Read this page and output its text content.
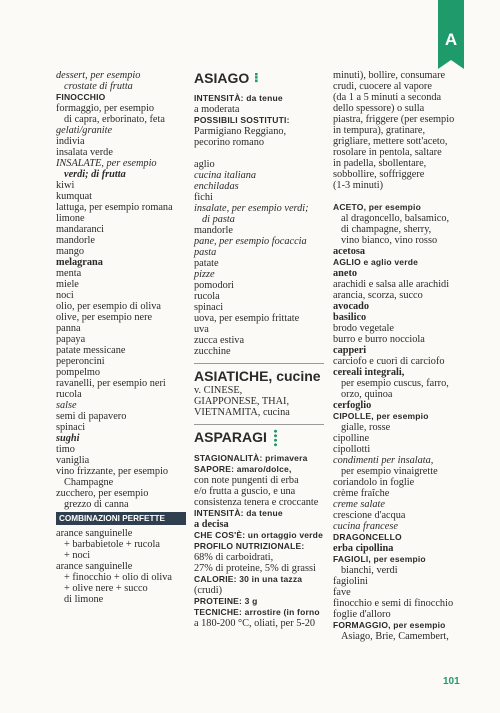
A
dessert, per esempio
crostate di frutta
FINOCCHIO
formaggio, per esempio
di capra, erborinato, feta
gelati/granite
indivia
insalata verde
INSALATE, per esempio
verdi; di frutta
kiwi
kumquat
lattuga, per esempio romana
limone
mandaranci
mandorle
mango
melagrana
menta
miele
noci
olio, per esempio di oliva
olive, per esempio nere
panna
papaya
patate messicane
peperoncini
pompelmo
ravanelli, per esempio neri
rucola
salse
semi di papavero
spinaci
sughi
timo
vaniglia
vino frizzante, per esempio
Champagne
zucchero, per esempio
grezzo di canna
COMBINAZIONI PERFETTE
arance sanguinelle
+ barbabietole + rucola
+ noci
arance sanguinelle
+ finocchio + olio di oliva
+ olive nere + succo
di limone
ASIAGO ⠇
INTENSITÀ: da tenue
a moderata
POSSIBILI SOSTITUTI:
Parmigiano Reggiano,
pecorino romano
aglio
cucina italiana
enchiladas
fichi
insalate, per esempio verdi;
di pasta
mandorle
pane, per esempio focaccia
pasta
patate
pizze
pomodori
rucola
spinaci
uova, per esempio frittate
uva
zucca estiva
zucchine
ASIATICHE, cucine
v. CINESE,
GIAPPONESE, THAI,
VIETNAMITA, cucina
ASPARAGI
STAGIONALITÀ: primavera
SAPORE: amaro/dolce,
con note pungenti di erba
e/o frutta a guscio, e una
consistenza tenera e croccante
INTENSITÀ: da tenue
a decisa
CHE COS'È: un ortaggio verde
PROFILO NUTRIZIONALE:
68% di carboidrati,
27% di proteine, 5% di grassi
CALORIE: 30 in una tazza
(crudi)
PROTEINE: 3 g
TECNICHE: arrostire (in forno
a 180-200 °C, oliati, per 5-20
minuti), bollire, consumare
crudi, cuocere al vapore
(da 1 a 5 minuti a seconda
dello spessore) o sulla
piastra, friggere (per esempio
in tempura), gratinare,
grigliare, mettere sott'aceto,
rosolare in pentola, saltare
in padella, sbollentare,
sobbollire, soffriggere
(1-3 minuti)
ACETO, per esempio
al dragoncello, balsamico,
di champagne, sherry,
vino bianco, vino rosso
acetosa
AGLIO e aglio verde
aneto
arachidi e salsa alle arachidi
arancia, scorza, succo
avocado
basilico
brodo vegetale
burro e burro nocciola
capperi
carciofo e cuori di carciofo
cereali integrali,
per esempio cuscus, farro,
orzo, quinoa
cerfoglio
CIPOLLE, per esempio
gialle, rosse
cipolline
cipollotti
condimenti per insalata,
per esempio vinaigrette
coriandolo in foglie
crème fraîche
creme salate
crescione d'acqua
cucina francese
DRAGONCELLO
erba cipollina
FAGIOLI, per esempio
bianchi, verdi
fagiolini
fave
finocchio e semi di finocchio
foglie d'alloro
FORMAGGIO, per esempio
Asiago, Brie, Camembert,
101
